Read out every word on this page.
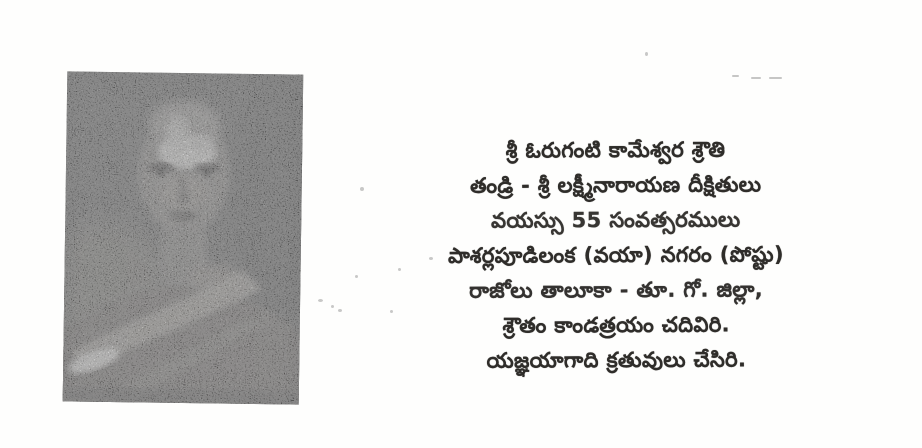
శ్రీ ఓరుగంటి కామేశ్వర శ్రౌతి
తండ్రి - శ్రీ లక్ష్మీనారాయణ దీక్షితులు
వయస్సు 55 సంవత్సరములు
పాశర్లపూడిలంక (వయా) నగరం (పోష్టు)
రాజోలు తాలూకా - తూ. గో. జిల్లా,
శ్రౌతం కాండత్రయం చదివిరి.
యజ్ఞయాగాది క్రతువులు చేసిరి.
